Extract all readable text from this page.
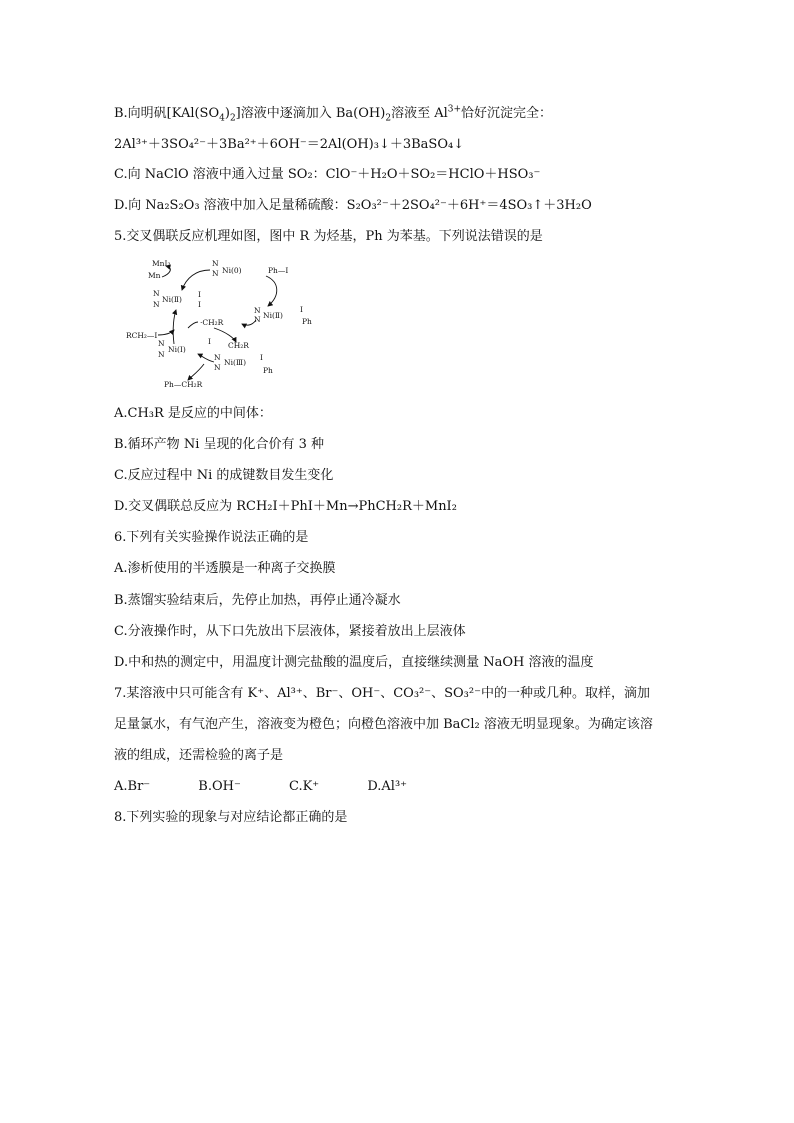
B.向明矾$[KAl(SO_4)_2]$溶液中逐滴加入 $Ba(OH)_2$溶液至 $Al^{3+}$恰好沉淀完全：
2Al³⁺＋3SO₄²⁻＋3Ba²⁺＋6OH⁻＝2Al(OH)₃↓＋3BaSO₄↓
C.向 NaClO 溶液中通入过量 SO₂：ClO⁻＋H₂O＋SO₂＝HClO＋HSO₃⁻
D.向 Na₂S₂O₃ 溶液中加入足量稀硫酸：S₂O₃²⁻＋2SO₄²⁻＋6H⁺＝4SO₃↑＋3H₂O
5.交叉偶联反应机理如图，图中 R 为烃基，Ph 为苯基。下列说法错误的是
MnI₂
Mn
N
N Ni(0)	Ph—I
N
N
Ni(Ⅱ)
I
I
RCH₂—I
·CH₂R
N
N Ni(Ⅱ)
I
Ph
N
N
Ni(Ⅰ)
I CH₂R
N
N
Ni(Ⅲ)
I
Ph
Ph—CH₂R
A.CH₃R 是反应的中间体：
B.循环产物 Ni 呈现的化合价有 3 种
C.反应过程中 Ni 的成键数目发生变化
D.交叉偶联总反应为 RCH₂I＋PhI＋Mn→PhCH₂R＋MnI₂
6.下列有关实验操作说法正确的是
A.渗析使用的半透膜是一种离子交换膜
B.蒸馏实验结束后，先停止加热，再停止通冷凝水
C.分液操作时，从下口先放出下层液体，紧接着放出上层液体
D.中和热的测定中，用温度计测完盐酸的温度后，直接继续测量 NaOH 溶液的温度
7.某溶液中只可能含有 K⁺、Al³⁺、Br⁻、OH⁻、CO₃²⁻、SO₃²⁻中的一种或几种。取样，滴加
足量氯水，有气泡产生，溶液变为橙色；向橙色溶液中加 BaCl₂ 溶液无明显现象。为确定该溶
液的组成，还需检验的离子是
A.Br⁻	B.OH⁻	C.K⁺	D.Al³⁺
8.下列实验的现象与对应结论都正确的是
